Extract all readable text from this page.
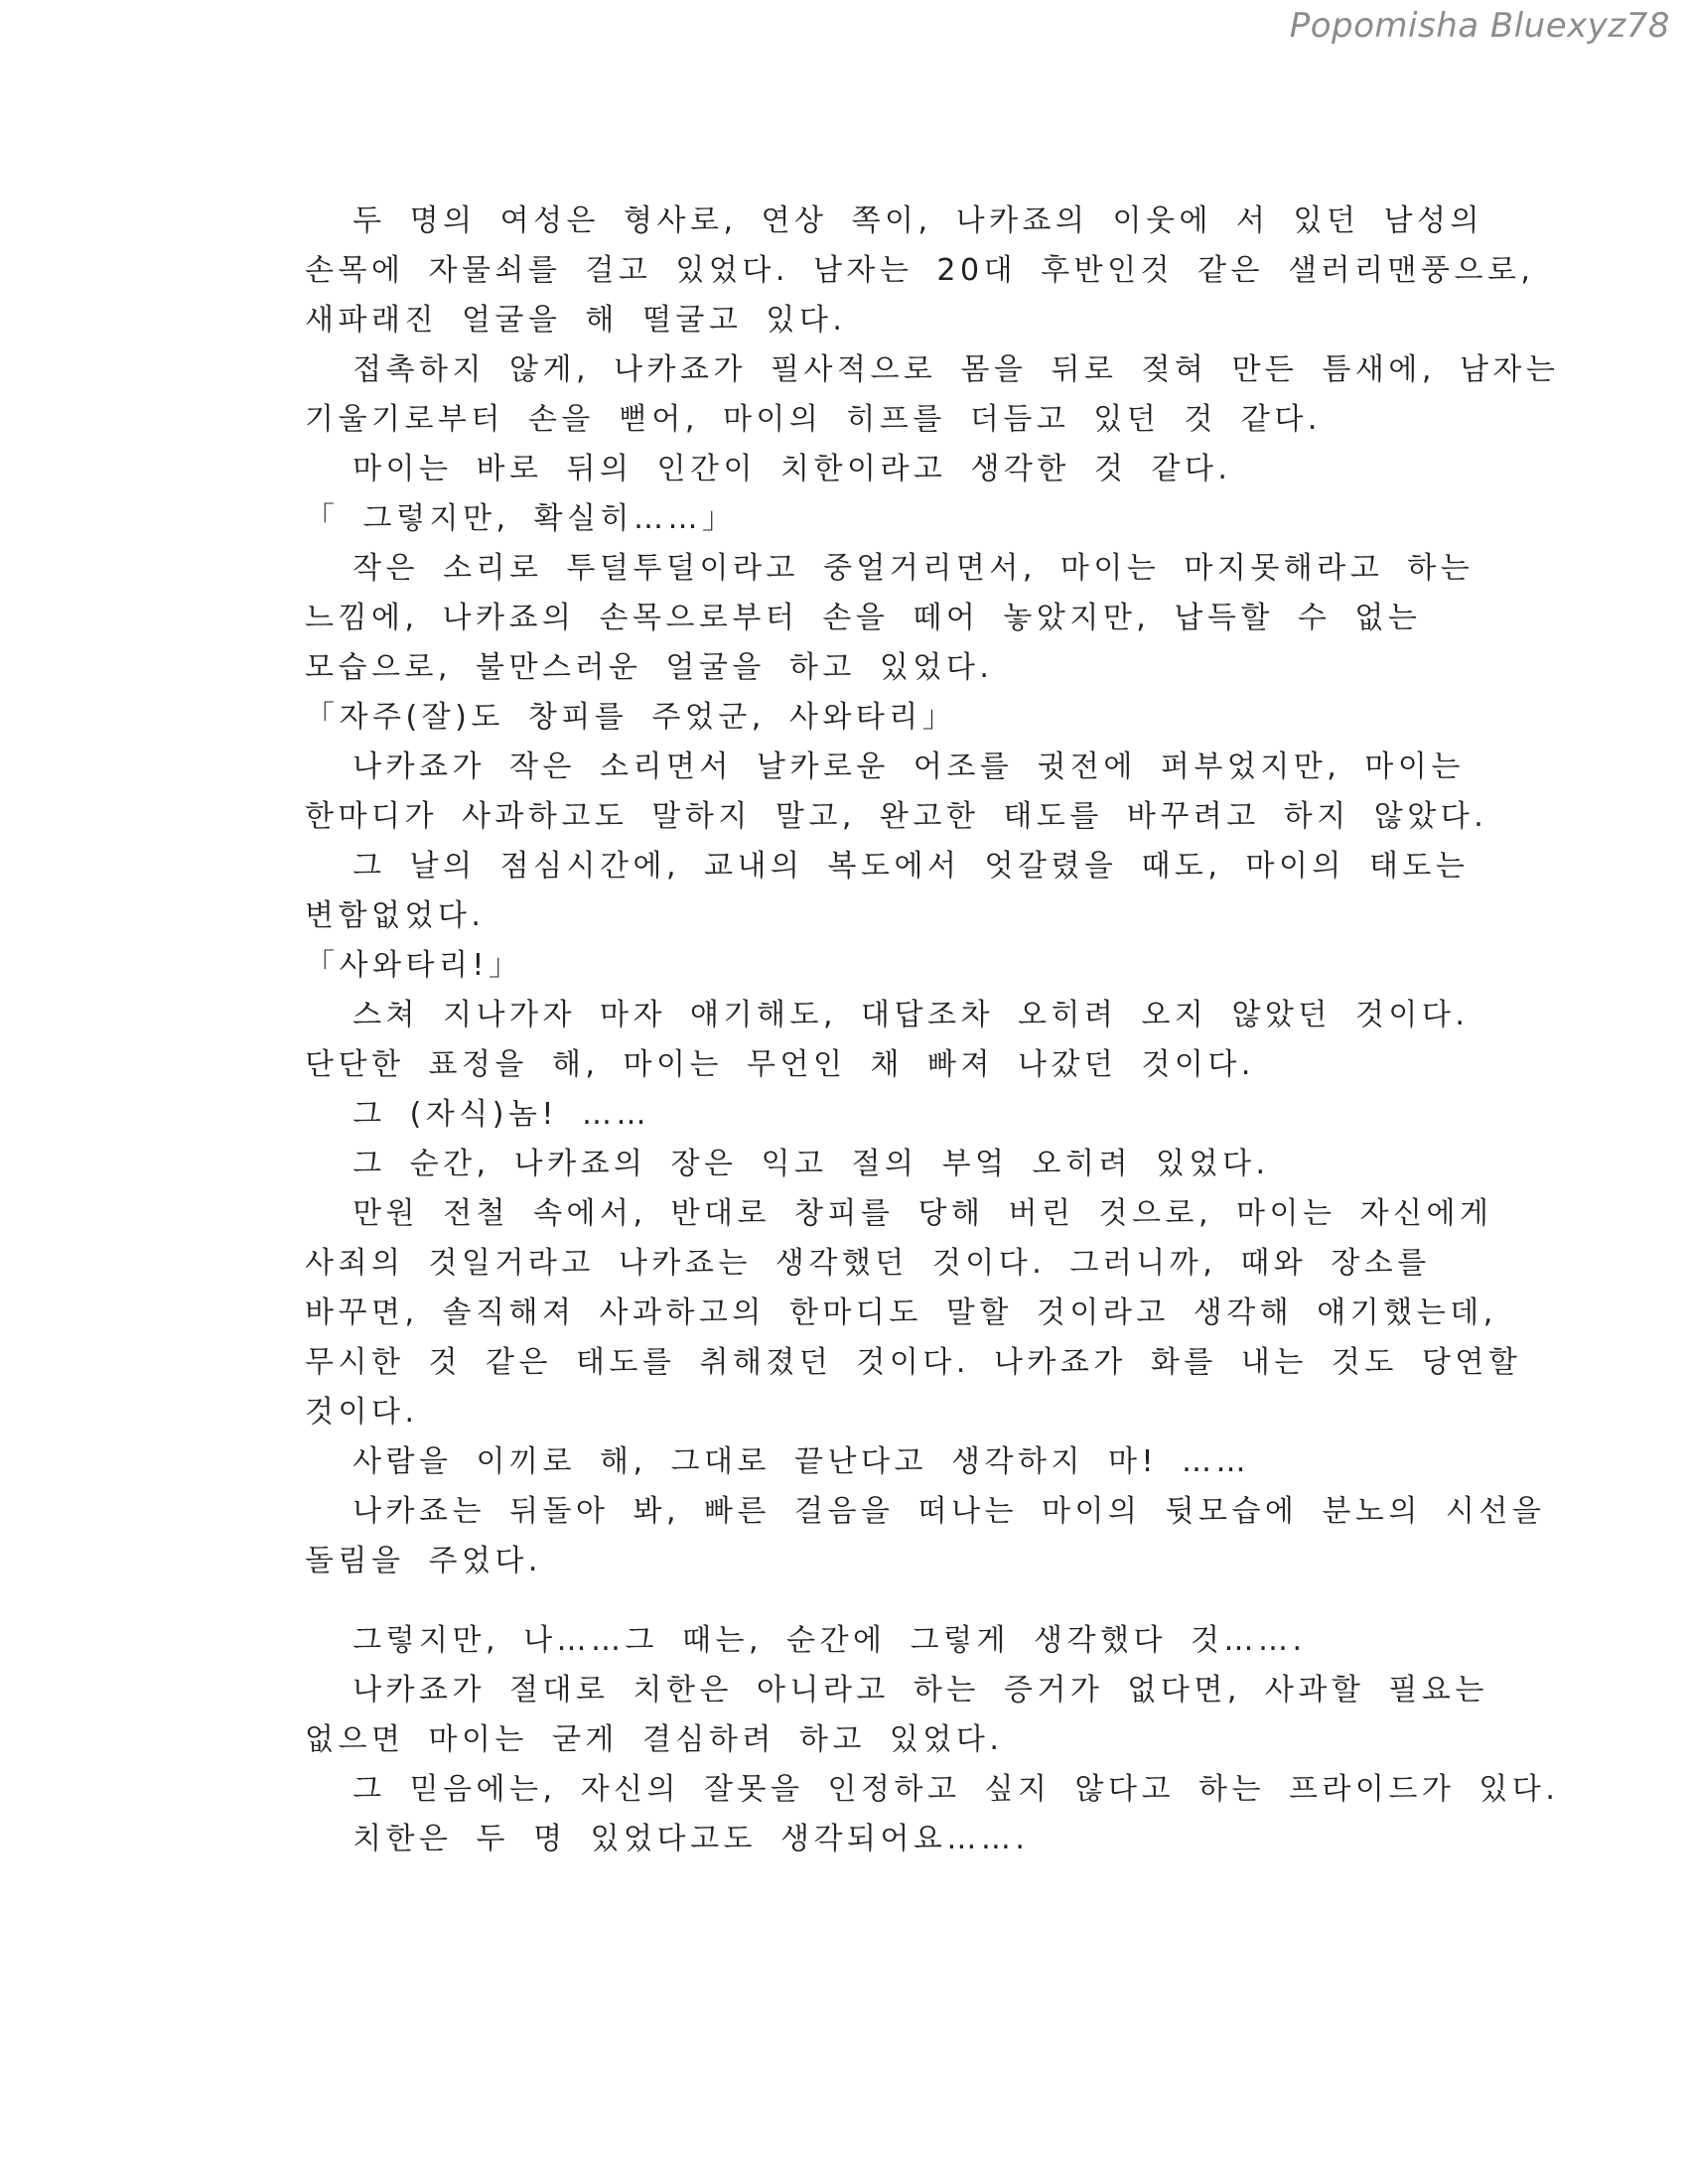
Popomisha Bluexyz78
두 명의 여성은 형사로, 연상 쪽이, 나카죠의 이웃에 서 있던 남성의
손목에 자물쇠를 걸고 있었다. 남자는 20대 후반인것 같은 샐러리맨풍으로,
새파래진 얼굴을 해 떨굴고 있다.
접촉하지 않게, 나카죠가 필사적으로 몸을 뒤로 젖혀 만든 틈새에, 남자는
기울기로부터 손을 뻗어, 마이의 히프를 더듬고 있던 것 같다.
마이는 바로 뒤의 인간이 치한이라고 생각한 것 같다.
「 그렇지만, 확실히……」
작은 소리로 투덜투덜이라고 중얼거리면서, 마이는 마지못해라고 하는
느낌에, 나카죠의 손목으로부터 손을 떼어 놓았지만, 납득할 수 없는
모습으로, 불만스러운 얼굴을 하고 있었다.
「자주(잘)도 창피를 주었군, 사와타리」
나카죠가 작은 소리면서 날카로운 어조를 귓전에 퍼부었지만, 마이는
한마디가 사과하고도 말하지 말고, 완고한 태도를 바꾸려고 하지 않았다.
그 날의 점심시간에, 교내의 복도에서 엇갈렸을 때도, 마이의 태도는
변함없었다.
「사와타리!」
스쳐 지나가자 마자 얘기해도, 대답조차 오히려 오지 않았던 것이다.
단단한 표정을 해, 마이는 무언인 채 빠져 나갔던 것이다.
그 (자식)놈! ……
그 순간, 나카죠의 장은 익고 절의 부엌 오히려 있었다.
만원 전철 속에서, 반대로 창피를 당해 버린 것으로, 마이는 자신에게
사죄의 것일거라고 나카죠는 생각했던 것이다. 그러니까, 때와 장소를
바꾸면, 솔직해져 사과하고의 한마디도 말할 것이라고 생각해 얘기했는데,
무시한 것 같은 태도를 취해졌던 것이다. 나카죠가 화를 내는 것도 당연할
것이다.
사람을 이끼로 해, 그대로 끝난다고 생각하지 마! ……
나카죠는 뒤돌아 봐, 빠른 걸음을 떠나는 마이의 뒷모습에 분노의 시선을
돌림을 주었다.
그렇지만, 나……그 때는, 순간에 그렇게 생각했다 것…….
나카죠가 절대로 치한은 아니라고 하는 증거가 없다면, 사과할 필요는
없으면 마이는 굳게 결심하려 하고 있었다.
그 믿음에는, 자신의 잘못을 인정하고 싶지 않다고 하는 프라이드가 있다.
치한은 두 명 있었다고도 생각되어요…….
